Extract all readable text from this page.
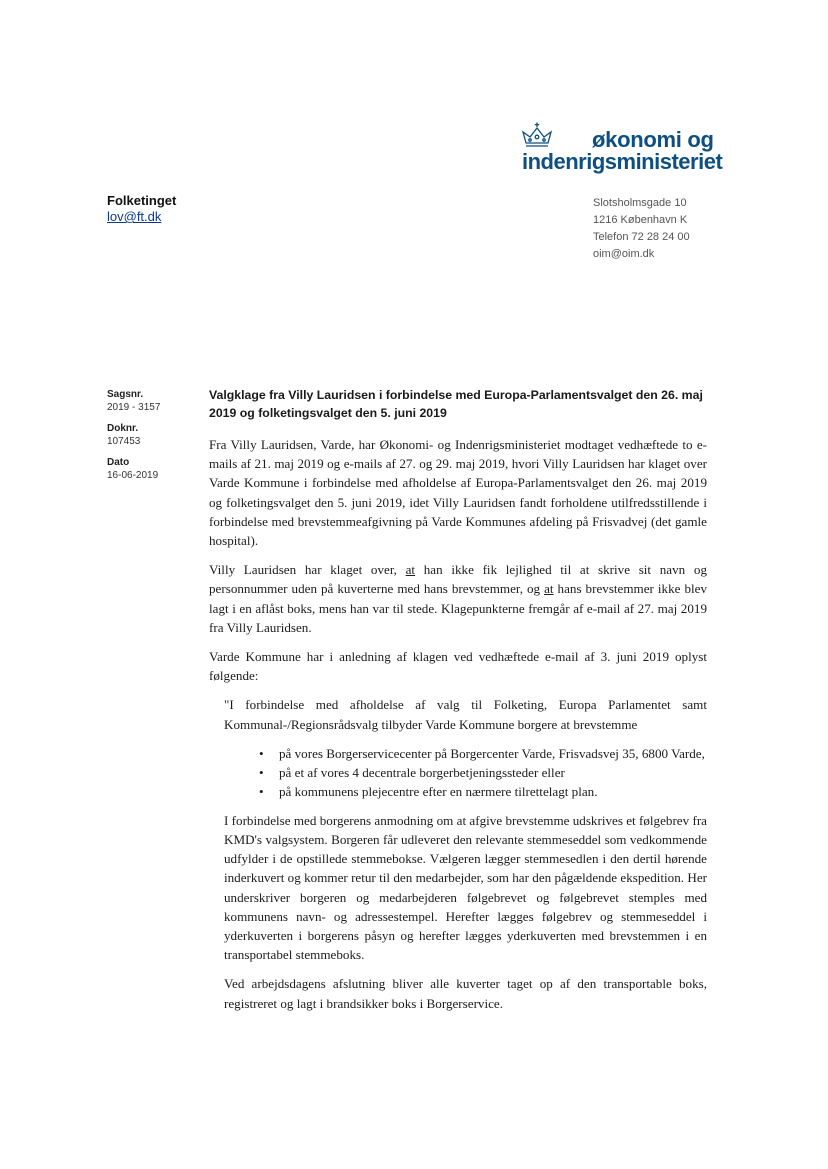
økonomi og
indenrigsministeriet
Folketinget
lov@ft.dk
Slotsholmsgade 10
1216 København K
Telefon 72 28 24 00
oim@oim.dk
Sagsnr.
2019 - 3157
Doknr.
107453
Dato
16-06-2019

Valgklage fra Villy Lauridsen i forbindelse med Europa-Parlamentsvalget den 26. maj 2019 og folketingsvalget den 5. juni 2019

Fra Villy Lauridsen, Varde, har Økonomi- og Indenrigsministeriet modtaget vedhæftede to e-mails af 21. maj 2019 og e-mails af 27. og 29. maj 2019, hvori Villy Lauridsen har klaget over Varde Kommune i forbindelse med afholdelse af Europa-Parlamentsvalget den 26. maj 2019 og folketingsvalget den 5. juni 2019, idet Villy Lauridsen fandt forholdene utilfredsstillende i forbindelse med brevstemmeafgivning på Varde Kommunes afdeling på Frisvadvej (det gamle hospital).

Villy Lauridsen har klaget over, at han ikke fik lejlighed til at skrive sit navn og personnummer uden på kuverterne med hans brevstemmer, og at hans brevstemmer ikke blev lagt i en aflåst boks, mens han var til stede. Klagepunkterne fremgår af e-mail af 27. maj 2019 fra Villy Lauridsen.

Varde Kommune har i anledning af klagen ved vedhæftede e-mail af 3. juni 2019 oplyst følgende:

"I forbindelse med afholdelse af valg til Folketing, Europa Parlamentet samt Kommunal-/Regionsrådsvalg tilbyder Varde Kommune borgere at brevstemme

• på vores Borgerservicecenter på Borgercenter Varde, Frisvadsvej 35, 6800 Varde,
• på et af vores 4 decentrale borgerbetjeningssteder eller
• på kommunens plejecentre efter en nærmere tilrettelagt plan.

I forbindelse med borgerens anmodning om at afgive brevstemme udskrives et følgebrev fra KMD's valgsystem. Borgeren får udleveret den relevante stemmeseddel som vedkommende udfylder i de opstillede stemmebokse. Vælgeren lægger stemmesedlen i den dertil hørende inderkuvert og kommer retur til den medarbejder, som har den pågældende ekspedition. Her underskriver borgeren og medarbejderen følgebrevet og følgebrevet stemples med kommunens navn- og adressestempel. Herefter lægges følgebrev og stemmeseddel i yderkuverten i borgerens påsyn og herefter lægges yderkuverten med brevstemmen i en transportabel stemmeboks.

Ved arbejdsdagens afslutning bliver alle kuverter taget op af den transportable boks, registreret og lagt i brandsikker boks i Borgerservice.
